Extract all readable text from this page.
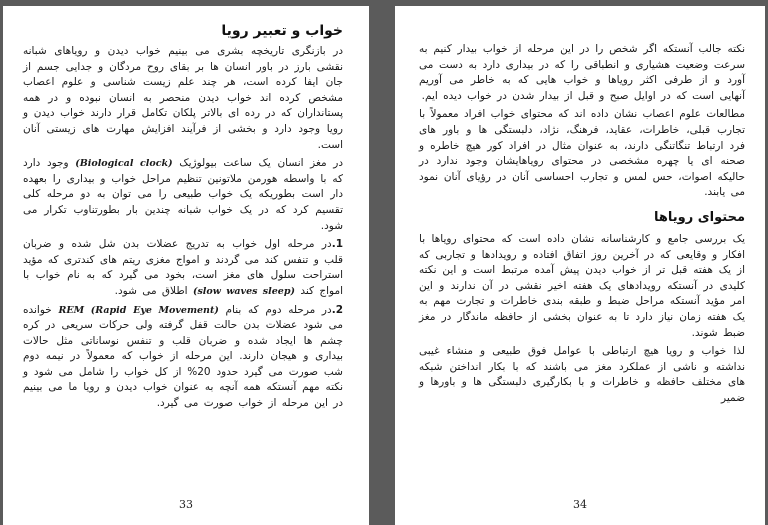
خواب و تعبیر رویا

در بازنگری تاریخچه بشری می بینیم خواب دیدن و رویاهای شبانه نقشی بارز در باور انسان ها بر بقای روح مردگان و جدایی جسم از جان ایفا کرده است، هر چند علم زیست شناسی و علوم اعصاب مشخص کرده اند خواب دیدن منحصر به انسان نبوده و در همه پستانداران که در رده ای بالاتر پلکان تکامل قرار دارند خواب دیدن و رویا وجود دارد و بخشی از فرآیند افزایش مهارت های زیستی آنان است.

در مغز انسان یک ساعت بیولوژیک (Biological clock) وجود دارد که با واسطه هورمن ملاتونین تنظیم مراحل خواب و بیداری را بعهده دار است بطوریکه یک خواب طبیعی را می توان به دو مرحله کلی تقسیم کرد که در یک خواب شبانه چندین بار بطورتناوب تکرار می شود.

1.در مرحله اول خواب به تدریج عضلات بدن شل شده و ضربان قلب و تنفس کند می گردند و امواج مغزی ریتم های کندتری که مؤید استراحت سلول های مغز است، بخود می گیرد که به نام خواب با امواج کند (slow waves sleep) اطلاق می شود.

2.در مرحله دوم که بنام REM (Rapid Eye Movement) خوانده می شود عضلات بدن حالت قفل گرفته ولی حرکات سریعی در کره چشم ها ایجاد شده و ضربان قلب و تنفس نوساناتی مثل حالات بیداری و هیجان دارند. این مرحله از خواب که معمولاً در نیمه دوم شب صورت می گیرد حدود 20% از کل خواب را شامل می شود و نکته مهم آنستکه همه آنچه به عنوان خواب دیدن و رویا ما می بینیم در این مرحله از خواب صورت می گیرد.

33

نکته جالب آنستکه اگر شخص را در این مرحله از خواب بیدار کنیم به سرعت وضعیت هشیاری و انطباقی را که در بیداری دارد به دست می آورد و از طرفی اکثر رویاها و خواب هایی که به خاطر می آوریم آنهایی است که در اوایل صبح و قبل از بیدار شدن در خواب دیده ایم.

مطالعات علوم اعصاب نشان داده اند که محتوای خواب افراد معمولاً با تجارب قبلی، خاطرات، عقاید، فرهنگ، نژاد، دلبستگی ها و باور های فرد ارتباط تنگاتنگی دارند، به عنوان مثال در افراد کور هیچ خاطره و صحنه ای یا چهره مشخصی در محتوای رویاهایشان وجود ندارد در حالیکه اصوات، حس لمس و تجارب احساسی آنان در رؤیای آنان نمود می یابند.

محتوای رویاها

یک بررسی جامع و کارشناسانه نشان داده است که محتوای رویاها با افکار و وقایعی که در آخرین روز اتفاق افتاده و رویدادها و تجاربی که از یک هفته قبل تر از خواب دیدن پیش آمده مرتبط است و این نکته کلیدی در آنستکه رویدادهای یک هفته اخیر نقشی در آن ندارند و این امر مؤید آنستکه مراحل ضبط و طبقه بندی خاطرات و تجارت مهم به یک هفته زمان نیاز دارد تا به عنوان بخشی از حافظه ماندگار در مغز ضبط شوند.

لذا خواب و رویا هیچ ارتباطی با عوامل فوق طبیعی و منشاء غیبی نداشته و ناشی از عملکرد مغز می باشند که با بکار انداختن شبکه های مختلف حافظه و خاطرات و با بکارگیری دلبستگی ها و باورها و ضمیر

34
